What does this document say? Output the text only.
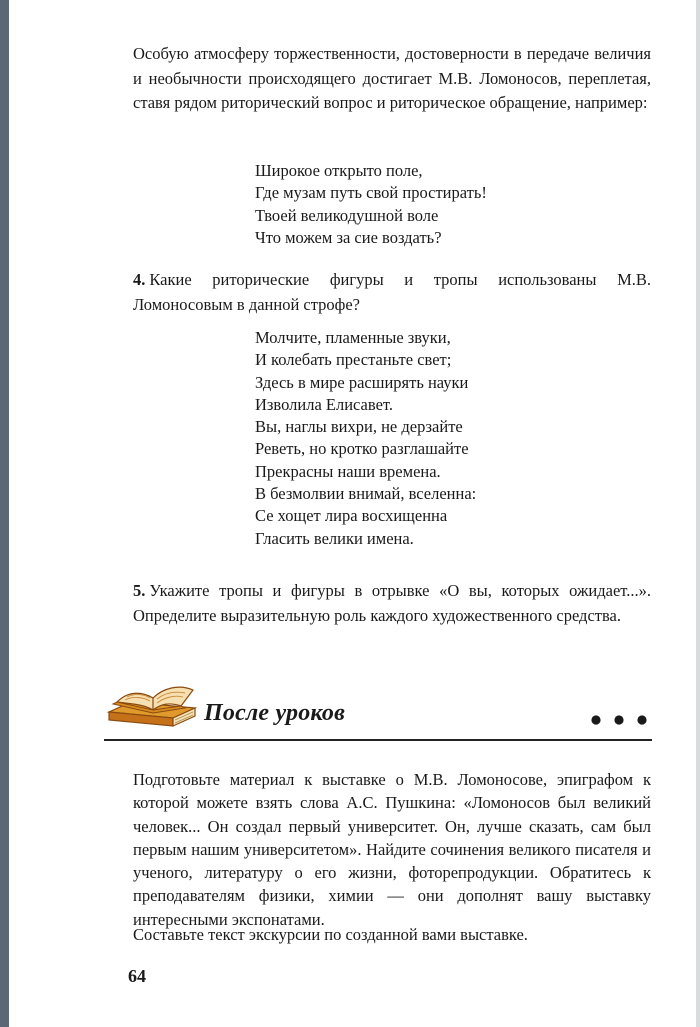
Особую атмосферу торжественности, достоверности в передаче величия и необычности происходящего достигает М.В. Ломоносов, переплетая, ставя рядом риторический вопрос и риторическое обращение, например:

Широкое открыто поле,
Где музам путь свой простирать!
Твоей великодушной воле
Что можем за сие воздать?

4. Какие риторические фигуры и тропы использованы М.В. Ломоносовым в данной строфе?

Молчите, пламенные звуки,
И колебать престаньте свет;
Здесь в мире расширять науки
Изволила Елисавет.
Вы, наглы вихри, не дерзайте
Реветь, но кротко разглашайте
Прекрасны наши времена.
В безмолвии внимай, вселенна:
Се хощет лира восхищенна
Гласить велики имена.

5. Укажите тропы и фигуры в отрывке «О вы, которых ожидает...». Определите выразительную роль каждого художественного средства.

После уроков

Подготовьте материал к выставке о М.В. Ломоносове, эпиграфом к которой можете взять слова А.С. Пушкина: «Ломоносов был великий человек... Он создал первый университет. Он, лучше сказать, сам был первым нашим университетом». Найдите сочинения великого писателя и ученого, литературу о его жизни, фоторепродукции. Обратитесь к преподавателям физики, химии — они дополнят вашу выставку интересными экспонатами.

Составьте текст экскурсии по созданной вами выставке.

64
